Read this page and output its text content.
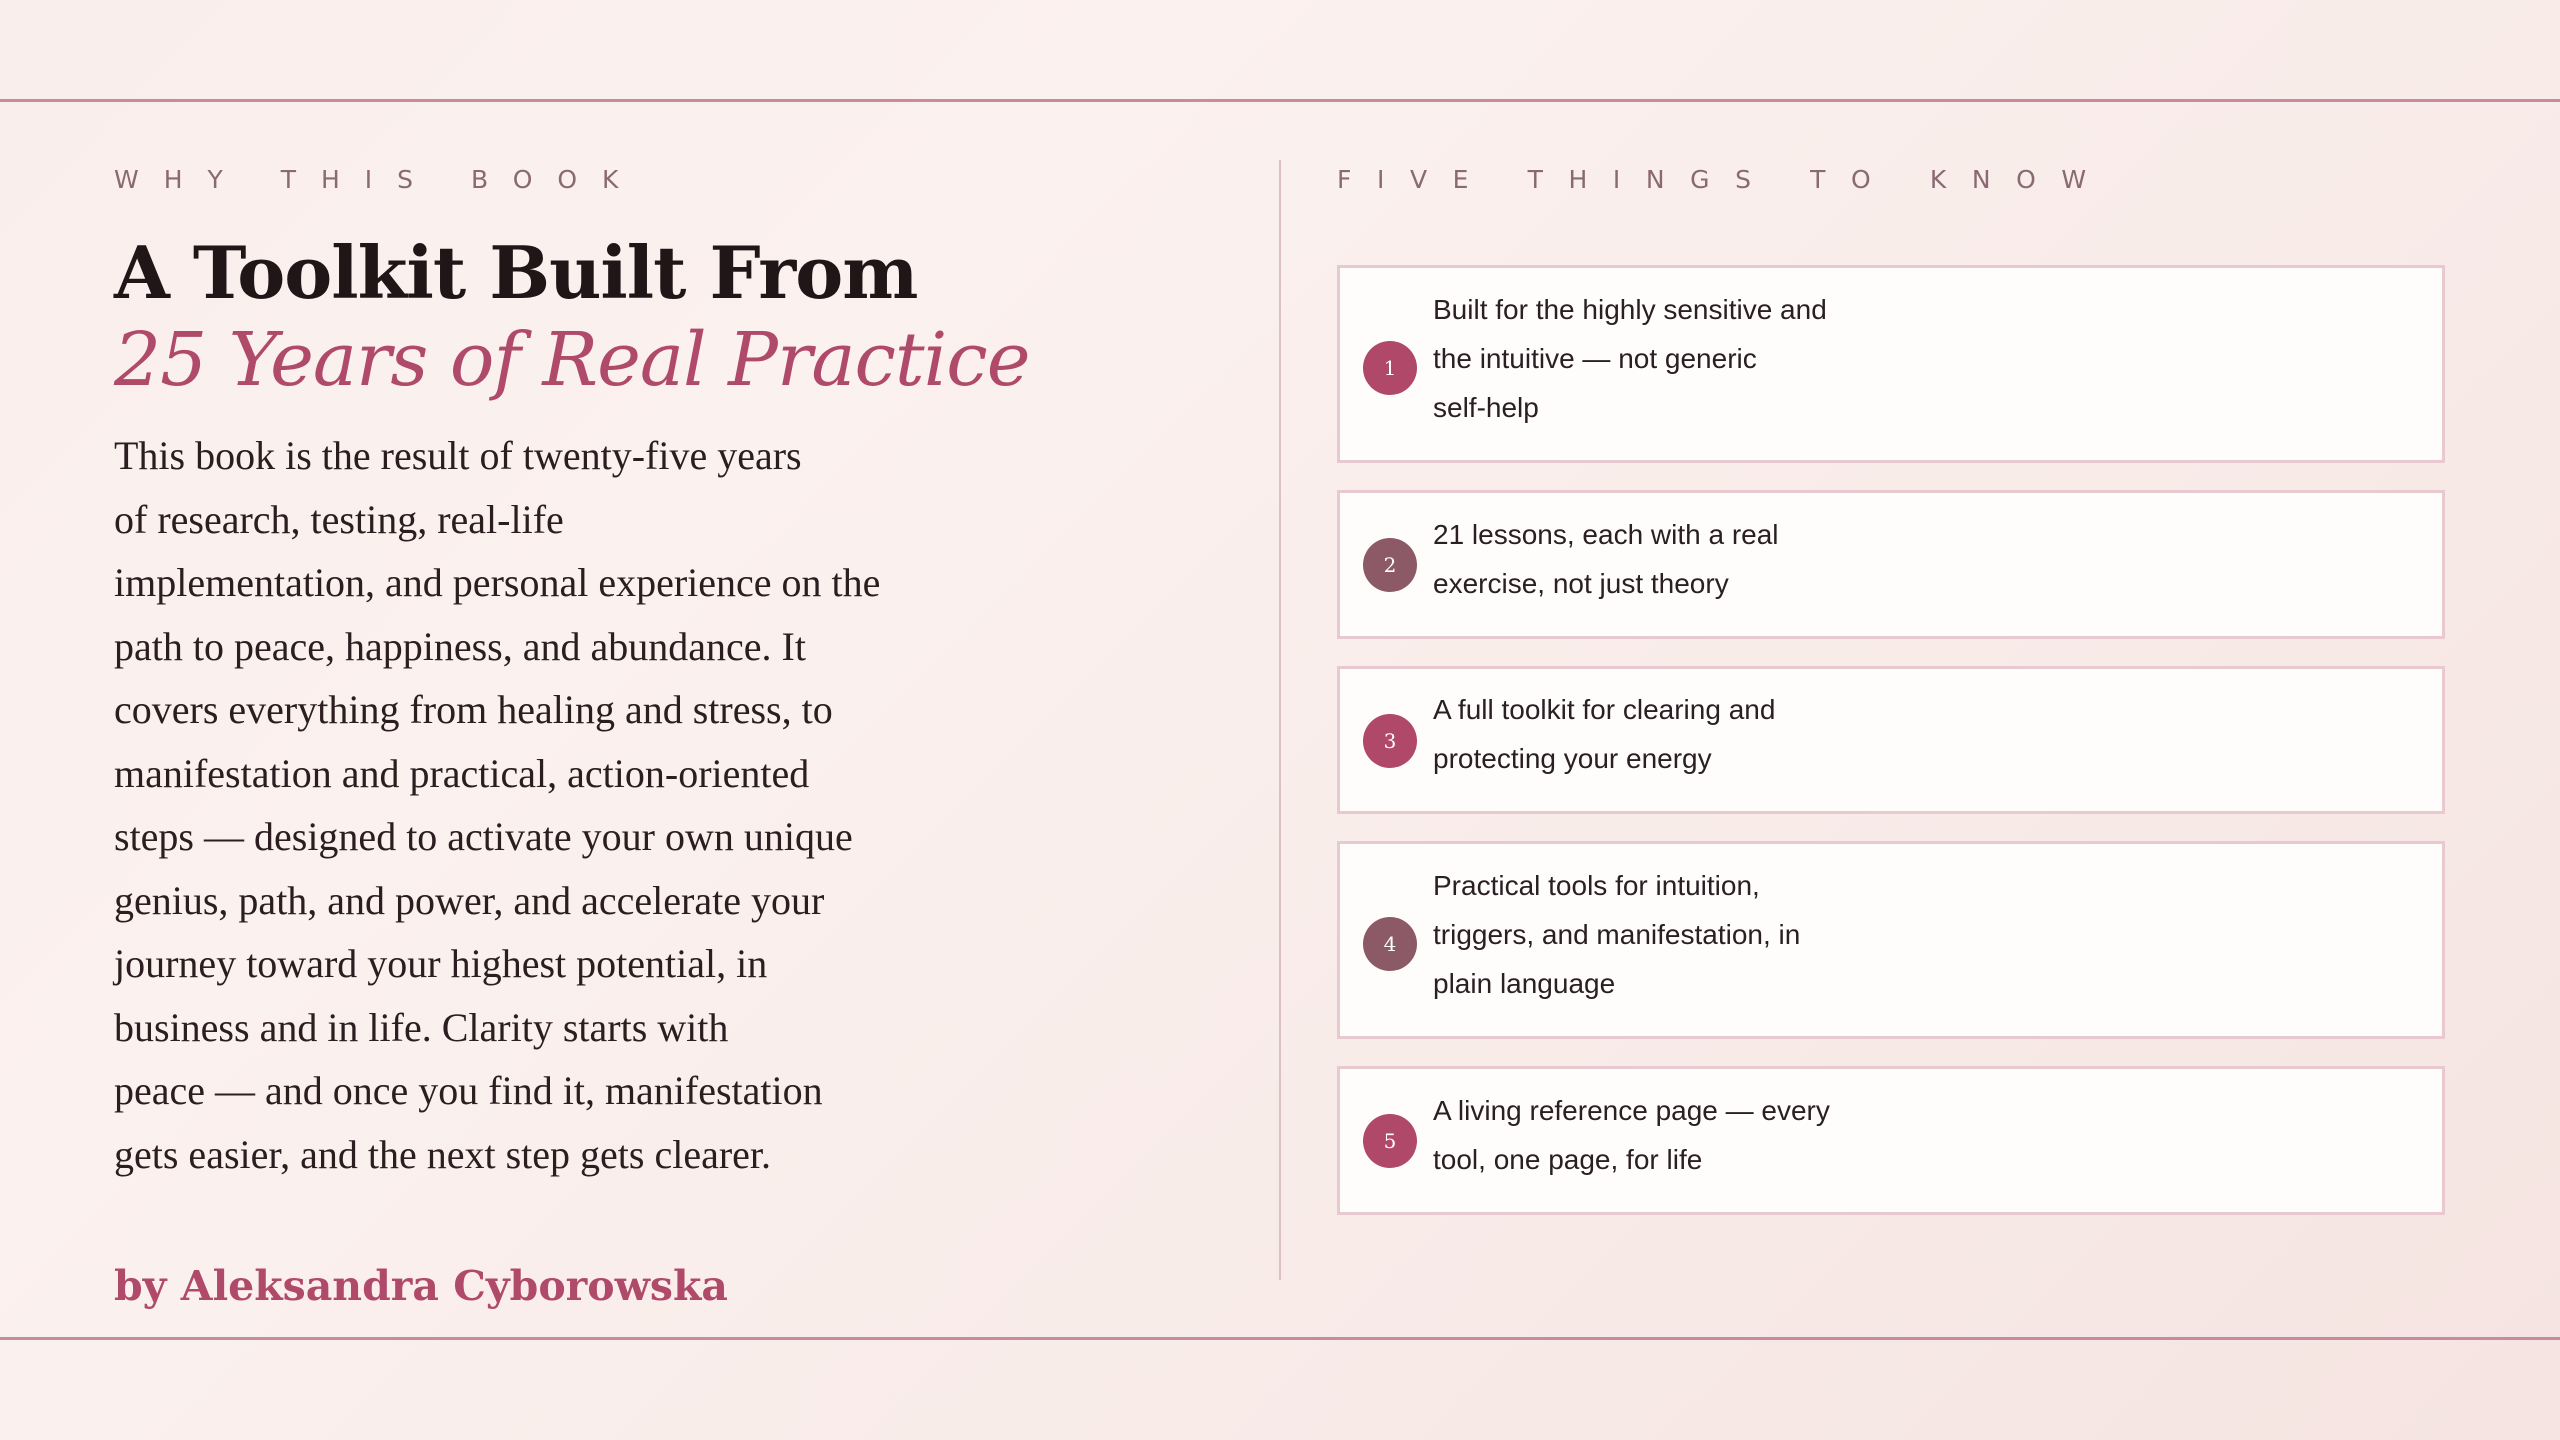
WHY THIS BOOK
A Toolkit Built From
25 Years of Real Practice
This book is the result of twenty-five years
of research, testing, real-life
implementation, and personal experience on the
path to peace, happiness, and abundance. It
covers everything from healing and stress, to
manifestation and practical, action-oriented
steps — designed to activate your own unique
genius, path, and power, and accelerate your
journey toward your highest potential, in
business and in life. Clarity starts with
peace — and once you find it, manifestation
gets easier, and the next step gets clearer.
by Aleksandra Cyborowska
FIVE THINGS TO KNOW
1
Built for the highly sensitive and
the intuitive — not generic
self-help
2
21 lessons, each with a real
exercise, not just theory
3
A full toolkit for clearing and
protecting your energy
4
Practical tools for intuition,
triggers, and manifestation, in
plain language
5
A living reference page — every
tool, one page, for life
